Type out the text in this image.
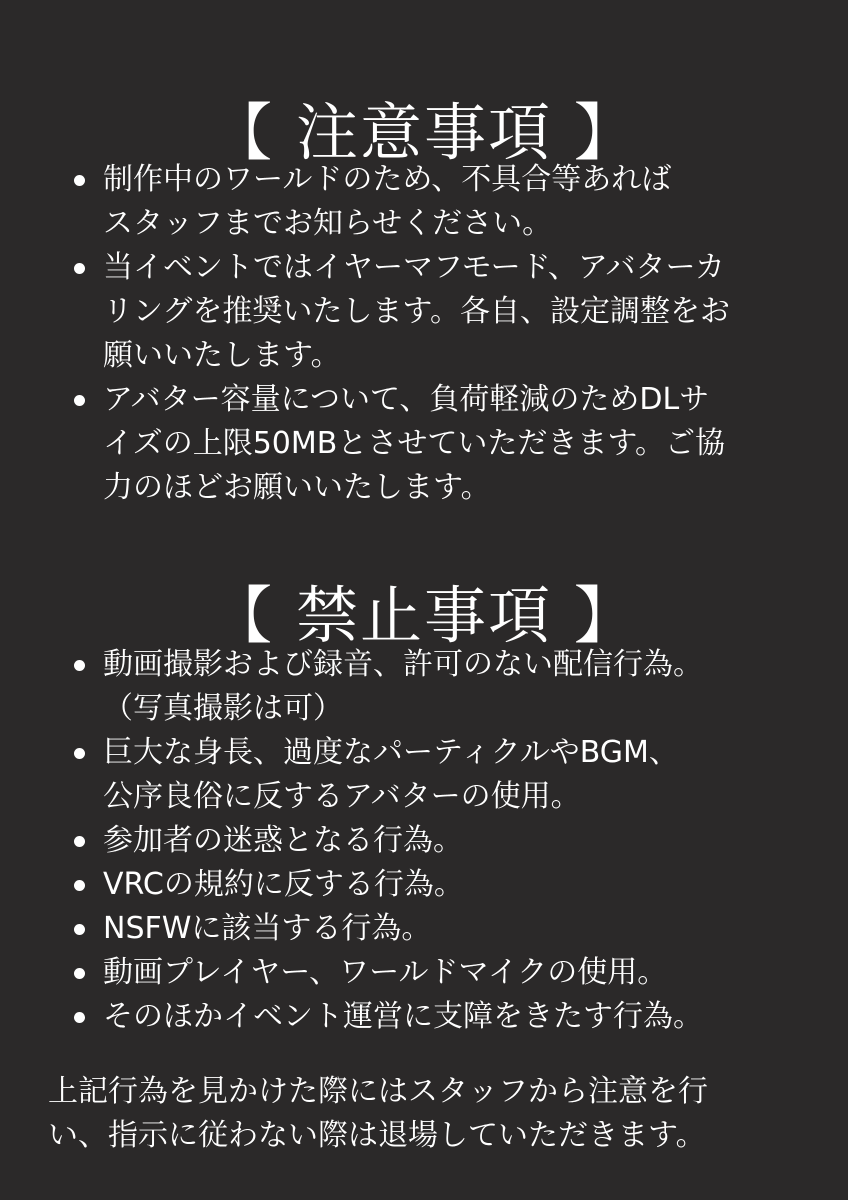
【 注意事項 】
制作中のワールドのため、不具合等あれば
スタッフまでお知らせください。
当イベントではイヤーマフモード、アバターカ
リングを推奨いたします。各自、設定調整をお
願いいたします。
アバター容量について、負荷軽減のためDLサ
イズの上限50MBとさせていただきます。ご協
力のほどお願いいたします。
【 禁止事項 】
動画撮影および録音、許可のない配信行為。
（写真撮影は可）
巨大な身長、過度なパーティクルやBGM、
公序良俗に反するアバターの使用。
参加者の迷惑となる行為。
VRCの規約に反する行為。
NSFWに該当する行為。
動画プレイヤー、ワールドマイクの使用。
そのほかイベント運営に支障をきたす行為。
上記行為を見かけた際にはスタッフから注意を行
い、指示に従わない際は退場していただきます。
